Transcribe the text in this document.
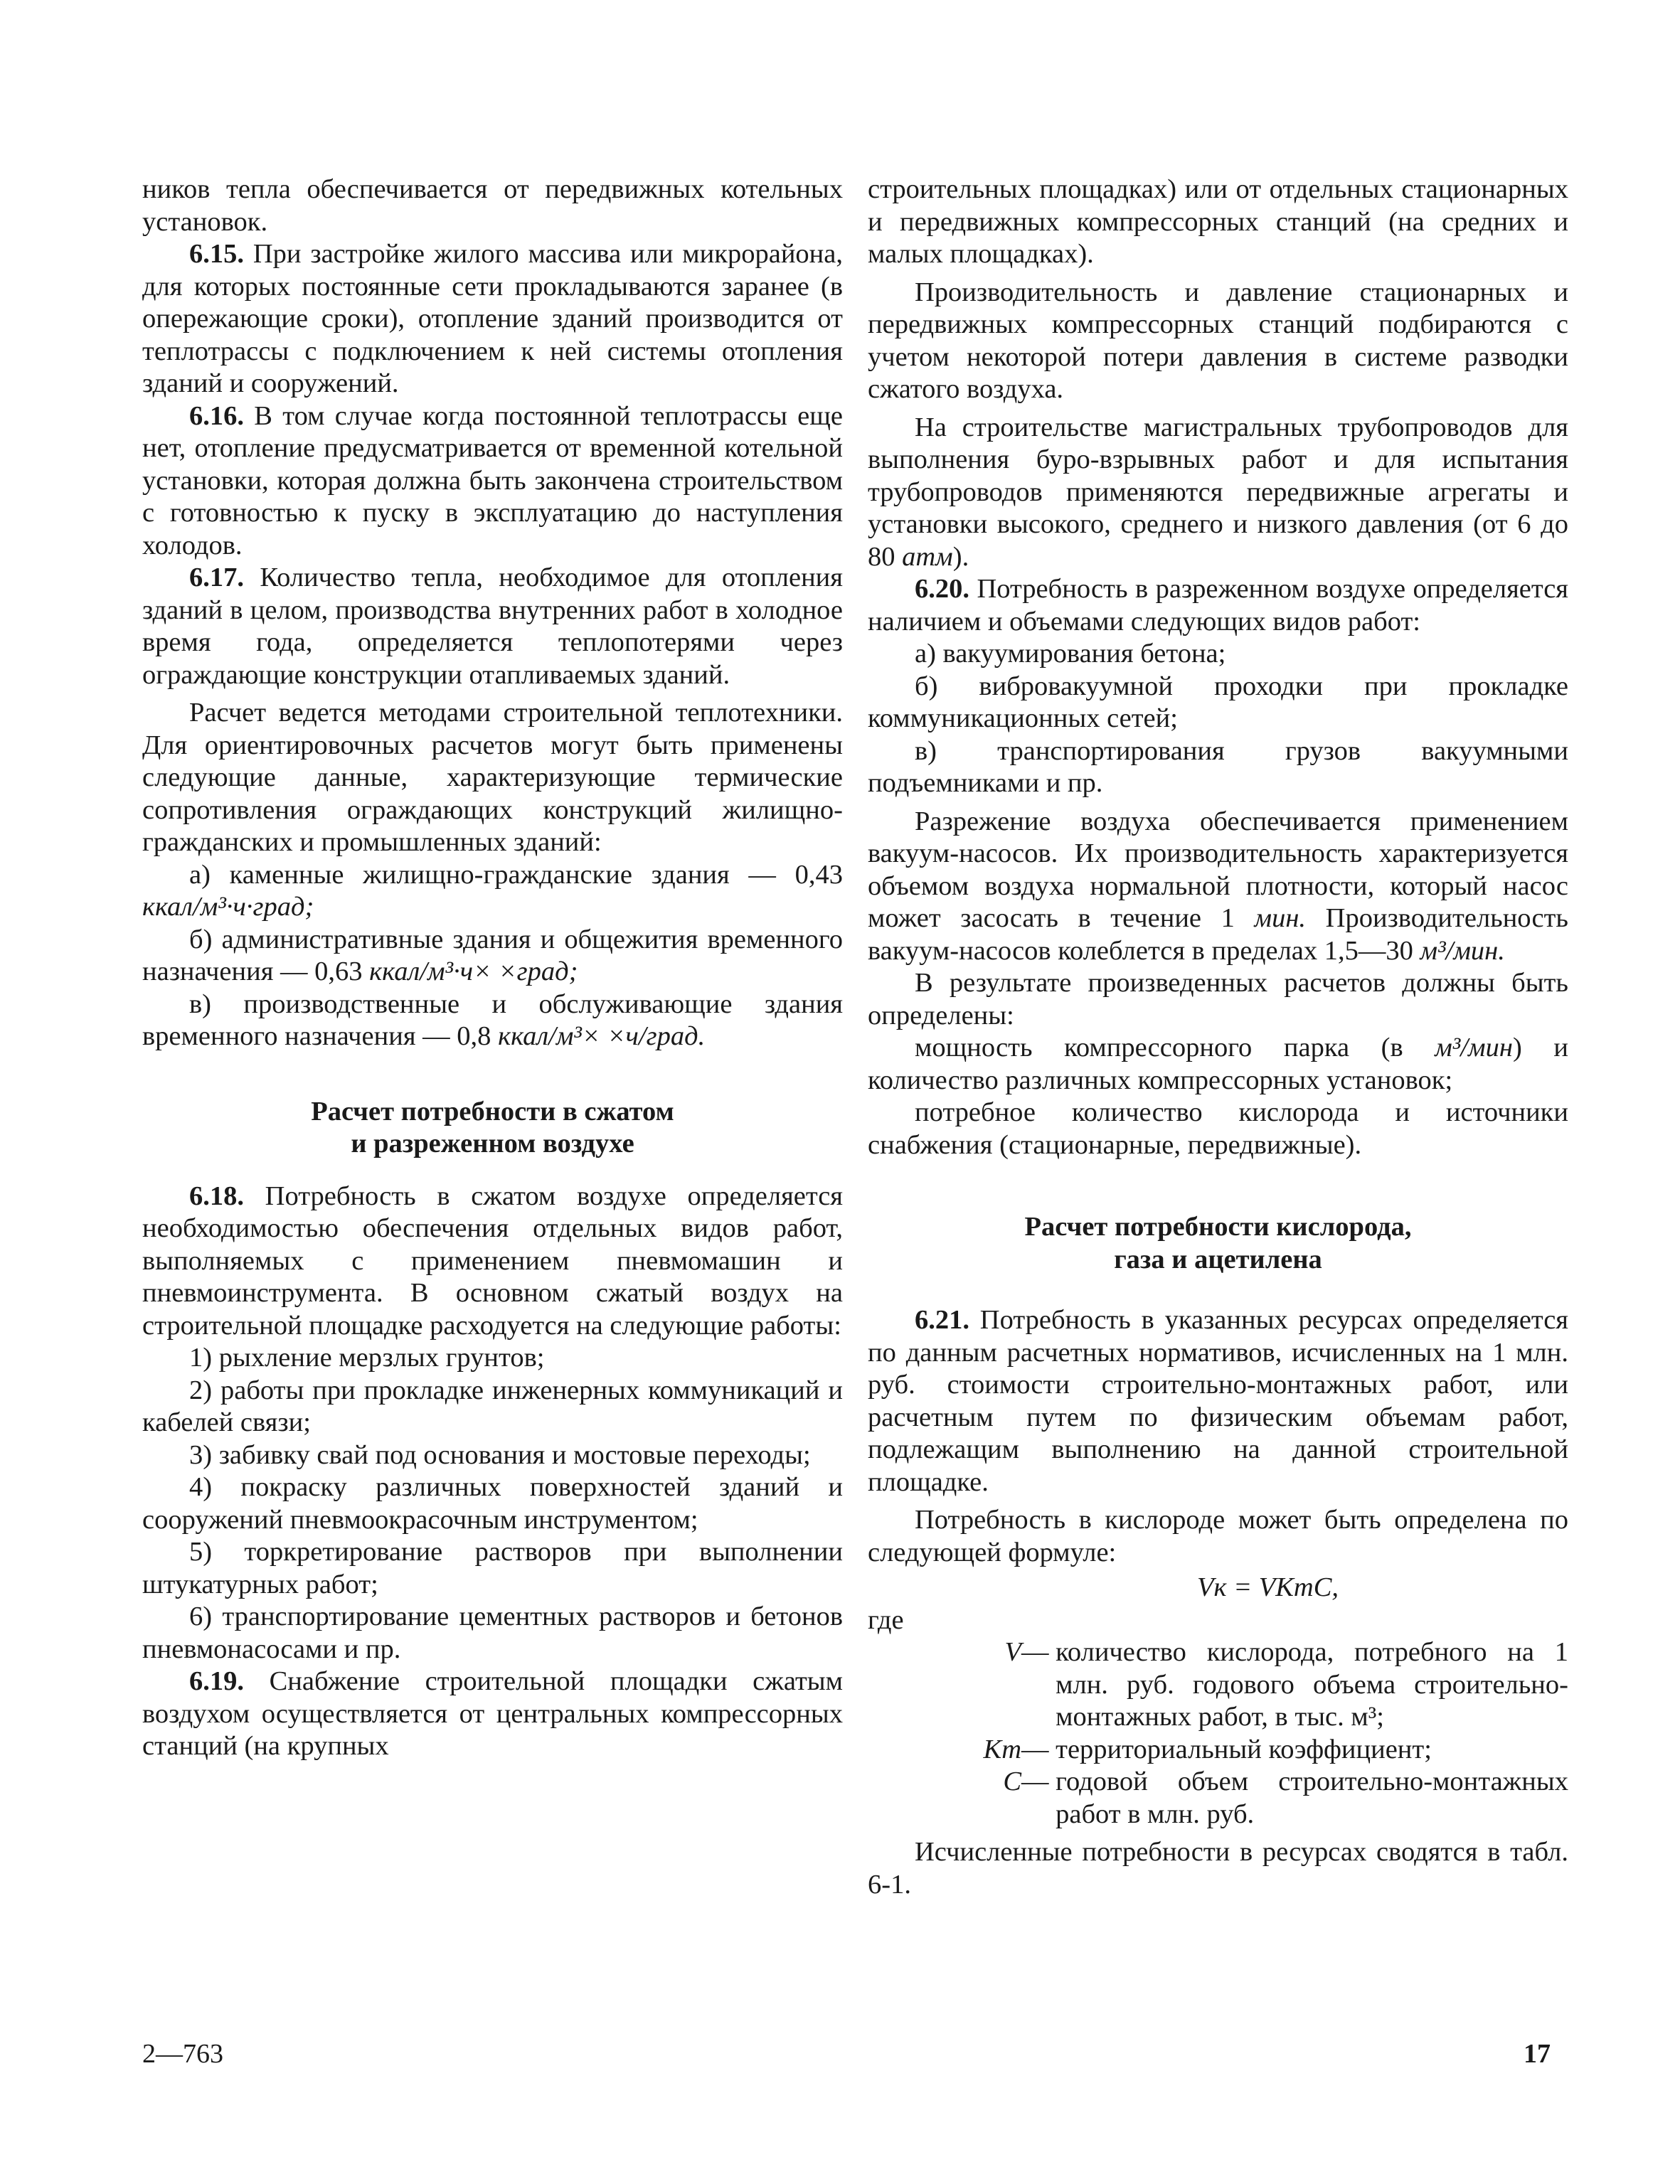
ников тепла обеспечивается от передвижных котельных установок.

6.15. При застройке жилого массива или микрорайона, для которых постоянные сети прокладываются заранее (в опережающие сроки), отопление зданий производится от теплотрассы с подключением к ней системы отопления зданий и сооружений.

6.16. В том случае когда постоянной теплотрассы еще нет, отопление предусматривается от временной котельной установки, которая должна быть закончена строительством с готовностью к пуску в эксплуатацию до наступления холодов.

6.17. Количество тепла, необходимое для отопления зданий в целом, производства внутренних работ в холодное время года, определяется теплопотерями через ограждающие конструкции отапливаемых зданий.

Расчет ведется методами строительной теплотехники. Для ориентировочных расчетов могут быть применены следующие данные, характеризующие термические сопротивления ограждающих конструкций жилищно-гражданских и промышленных зданий:

а) каменные жилищно-гражданские здания — 0,43 ккал/м³·ч·град;

б) административные здания и общежития временного назначения — 0,63 ккал/м³·ч× ×град;

в) производственные и обслуживающие здания временного назначения — 0,8 ккал/м³× ×ч/град.

Расчет потребности в сжатом
и разреженном воздухе

6.18. Потребность в сжатом воздухе определяется необходимостью обеспечения отдельных видов работ, выполняемых с применением пневмомашин и пневмоинструмента. В основном сжатый воздух на строительной площадке расходуется на следующие работы:

1) рыхление мерзлых грунтов;

2) работы при прокладке инженерных коммуникаций и кабелей связи;

3) забивку свай под основания и мостовые переходы;

4) покраску различных поверхностей зданий и сооружений пневмоокрасочным инструментом;

5) торкретирование растворов при выполнении штукатурных работ;

6) транспортирование цементных растворов и бетонов пневмонасосами и пр.

6.19. Снабжение строительной площадки сжатым воздухом осуществляется от центральных компрессорных станций (на крупных

строительных площадках) или от отдельных стационарных и передвижных компрессорных станций (на средних и малых площадках).

Производительность и давление стационарных и передвижных компрессорных станций подбираются с учетом некоторой потери давления в системе разводки сжатого воздуха.

На строительстве магистральных трубопроводов для выполнения буро-взрывных работ и для испытания трубопроводов применяются передвижные агрегаты и установки высокого, среднего и низкого давления (от 6 до 80 атм).

6.20. Потребность в разреженном воздухе определяется наличием и объемами следующих видов работ:

а) вакуумирования бетона;

б) вибровакуумной проходки при прокладке коммуникационных сетей;

в) транспортирования грузов вакуумными подъемниками и пр.

Разрежение воздуха обеспечивается применением вакуум-насосов. Их производительность характеризуется объемом воздуха нормальной плотности, который насос может засосать в течение 1 мин. Производительность вакуум-насосов колеблется в пределах 1,5—30 м³/мин.

В результате произведенных расчетов должны быть определены:

мощность компрессорного парка (в м³/мин) и количество различных компрессорных установок;

потребное количество кислорода и источники снабжения (стационарные, передвижные).

Расчет потребности кислорода,
газа и ацетилена

6.21. Потребность в указанных ресурсах определяется по данным расчетных нормативов, исчисленных на 1 млн. руб. стоимости строительно-монтажных работ, или расчетным путем по физическим объемам работ, подлежащим выполнению на данной строительной площадке.

Потребность в кислороде может быть определена по следующей формуле:

Vк = VKтC,

где

V — количество кислорода, потребного на 1 млн. руб. годового объема строительно-монтажных работ, в тыс. м³;
Kт — территориальный коэффициент;
C — годовой объем строительно-монтажных работ в млн. руб.

Исчисленные потребности в ресурсах сводятся в табл. 6-1.

2—763	17
